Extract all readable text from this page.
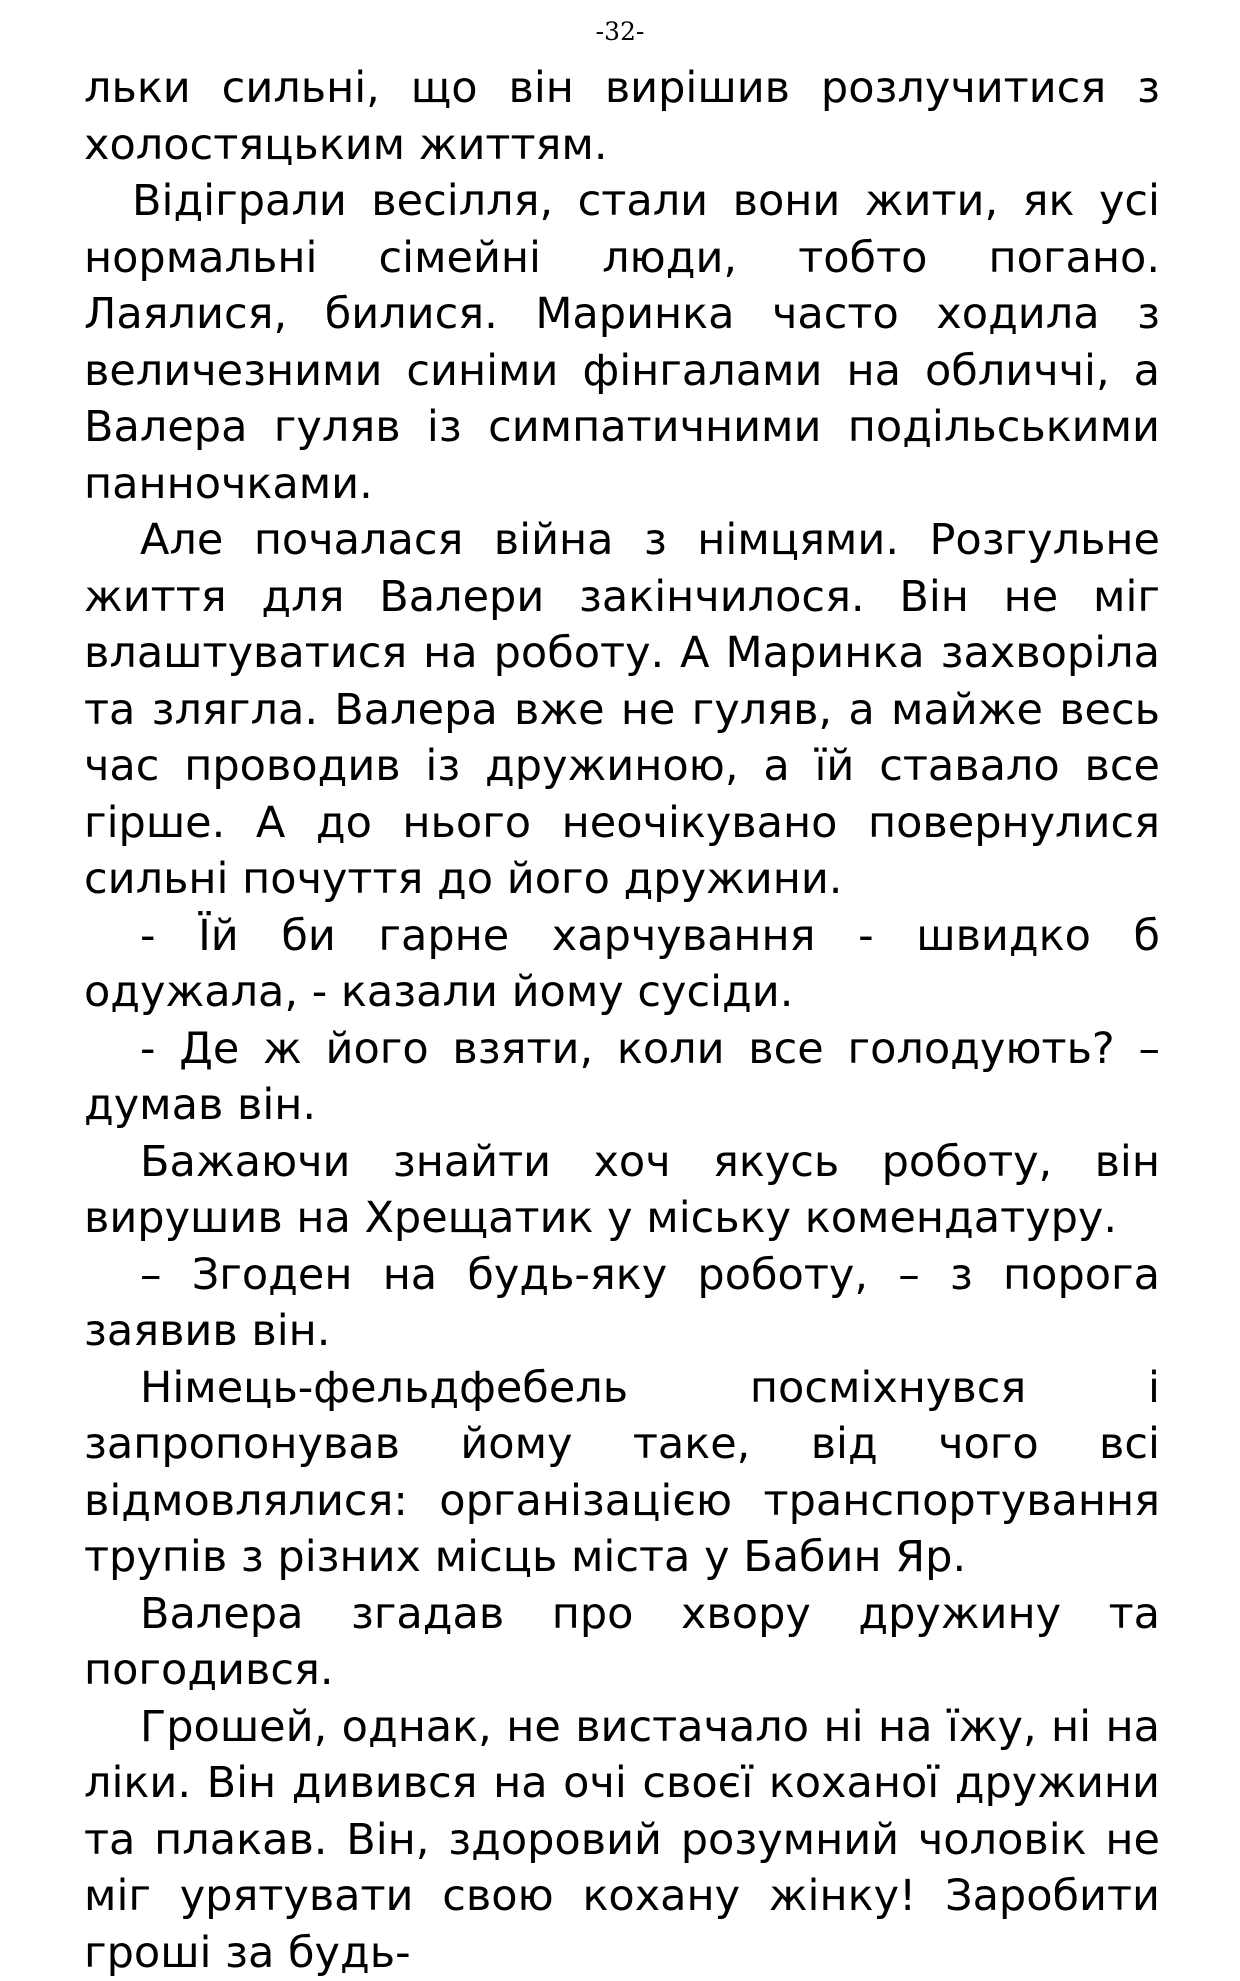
-32-

льки сильні, що він вирішив розлучитися з холостяцьким життям.

Відіграли весілля, стали вони жити, як усі нормальні сімейні люди, тобто погано. Лаялися, билися. Маринка часто ходила з величезними синіми фінгалами на обличчі, а Валера гуляв із симпатичними подільськими панночками.

Але почалася війна з німцями. Розгульне життя для Валери закінчилося. Він не міг влаштуватися на роботу. А Маринка захворіла та злягла. Валера вже не гуляв, а майже весь час проводив із дружиною, а їй ставало все гірше. А до нього неочікувано повернулися сильні почуття до його дружини.

- Їй би гарне харчування - швидко б одужала, - казали йому сусіди.

- Де ж його взяти, коли все голодують? – думав він.

Бажаючи знайти хоч якусь роботу, він вирушив на Хрещатик у міську комендатуру.

– Згоден на будь-яку роботу, – з порога заявив він.

Німець-фельдфебель посміхнувся і запропонував йому таке, від чого всі відмовлялися: організацією транспортування трупів з різних місць міста у Бабин Яр.

Валера згадав про хвору дружину та погодився.

Грошей, однак, не вистачало ні на їжу, ні на ліки. Він дивився на очі своєї коханої дружини та плакав. Він, здоровий розумний чоловік не міг урятувати свою кохану жінку! Заробити гроші за будь-
